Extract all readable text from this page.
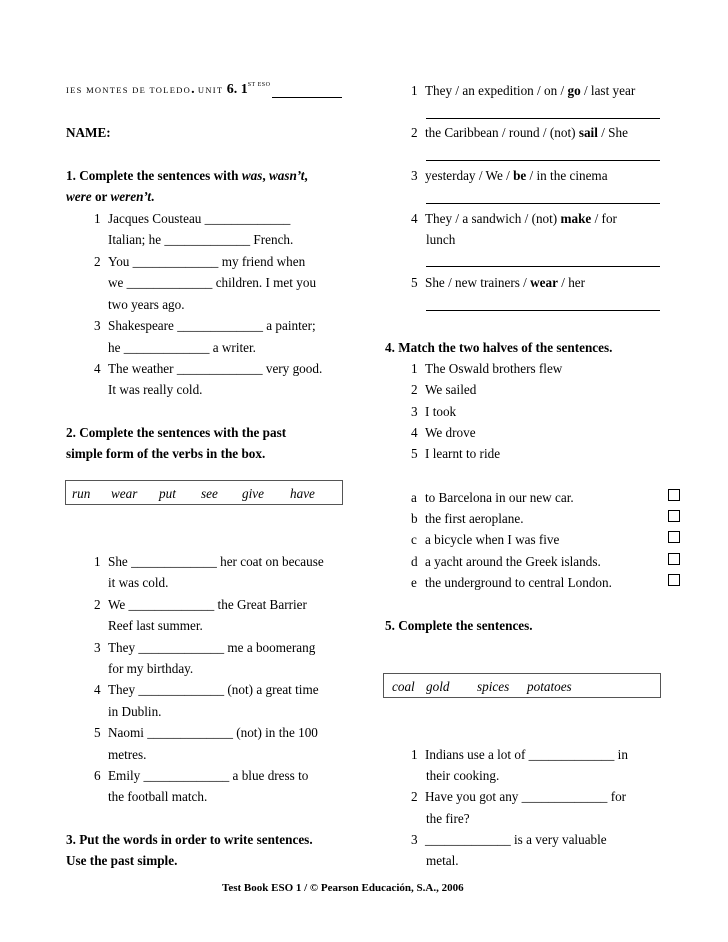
IES MONTES DE TOLEDO. UNIT 6. $1^{ST ESO}$
NAME:
1. Complete the sentences with was, wasn’t,
were or weren’t.
1 Jacques Cousteau _____________
Italian; he _____________ French.
2 You _____________ my friend when
we _____________ children. I met you
two years ago.
3 Shakespeare _____________ a painter;
he _____________ a writer.
4 The weather _____________ very good.
It was really cold.
2. Complete the sentences with the past
simple form of the verbs in the box.
run wear put see give have
1 She _____________ her coat on because
it was cold.
2 We _____________ the Great Barrier
Reef last summer.
3 They _____________ me a boomerang
for my birthday.
4 They _____________ (not) a great time
in Dublin.
5 Naomi _____________ (not) in the 100
metres.
6 Emily _____________ a blue dress to
the football match.
3. Put the words in order to write sentences.
Use the past simple.
1 They / an expedition / on / go / last year
2 the Caribbean / round / (not) sail / She
3 yesterday / We / be / in the cinema
4 They / a sandwich / (not) make / for
lunch
5 She / new trainers / wear / her
4. Match the two halves of the sentences.
1 The Oswald brothers flew
2 We sailed
3 I took
4 We drove
5 I learnt to ride
a to Barcelona in our new car.
b the first aeroplane.
c a bicycle when I was five
d a yacht around the Greek islands.
e the underground to central London.
5. Complete the sentences.
coal gold spices potatoes
1 Indians use a lot of _____________ in
their cooking.
2 Have you got any _____________ for
the fire?
3 _____________ is a very valuable
metal.
Test Book ESO 1 / © Pearson Educación, S.A., 2006
